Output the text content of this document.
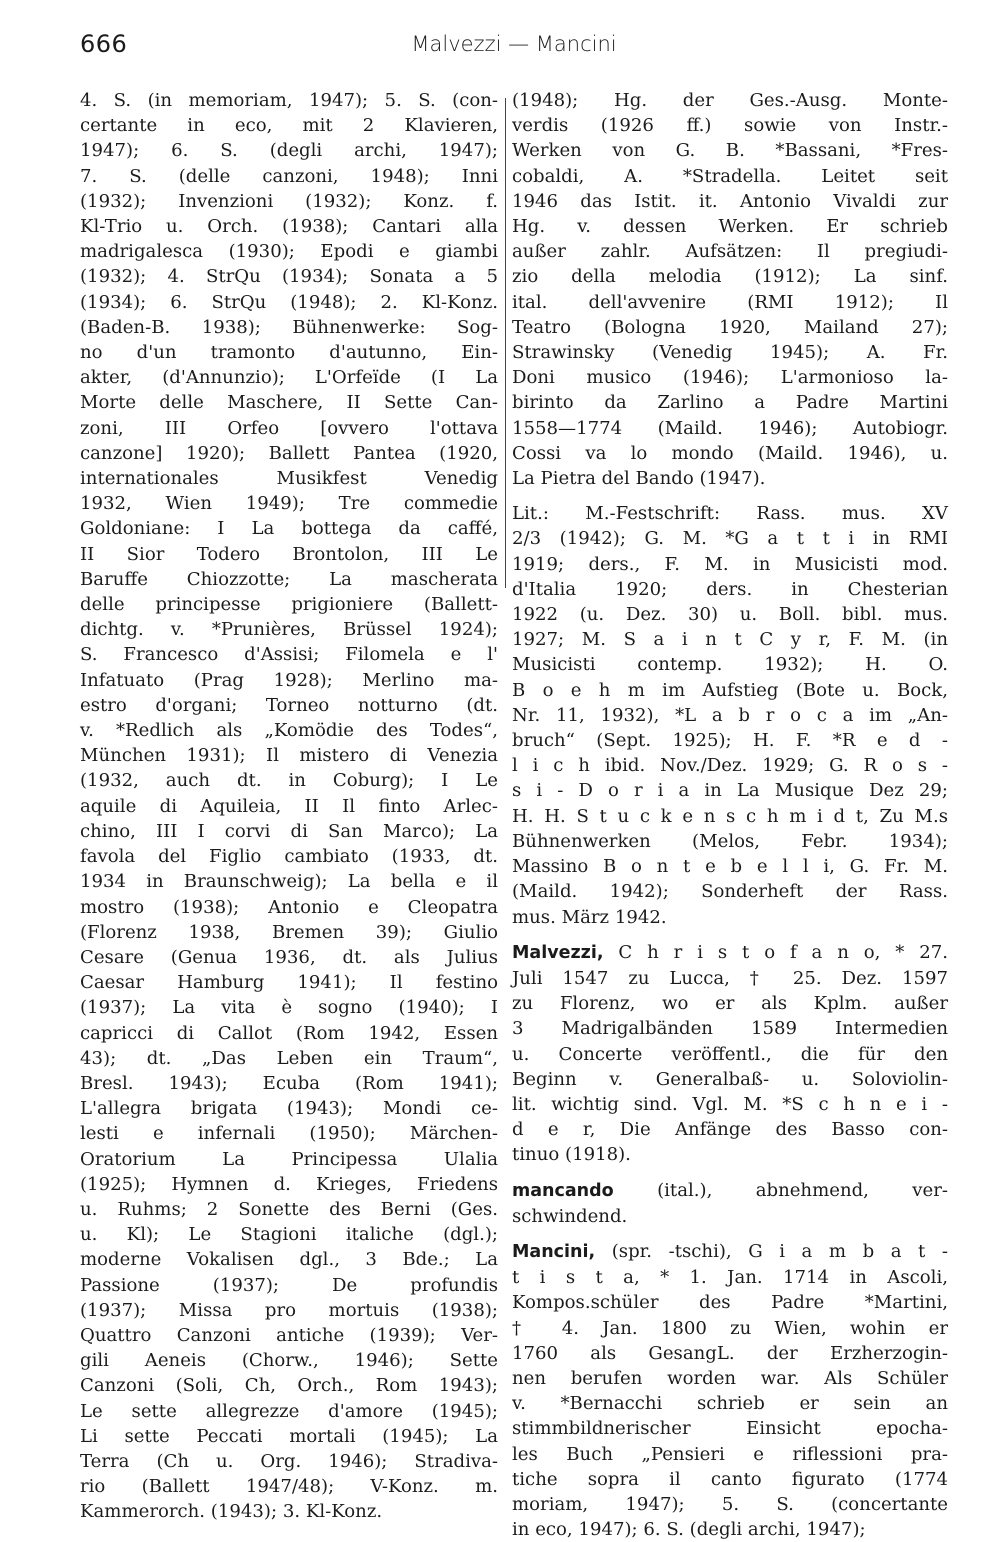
666	Malvezzi — Mancini
4. S. (in memoriam, 1947); 5. S. (con-
certante in eco, mit 2 Klavieren,
1947); 6. S. (degli archi, 1947);
7. S. (delle canzoni, 1948); Inni
(1932); Invenzioni (1932); Konz. f.
Kl-Trio u. Orch. (1938); Cantari alla
madrigalesca (1930); Epodi e giambi
(1932); 4. StrQu (1934); Sonata a 5
(1934); 6. StrQu (1948); 2. Kl-Konz.
(Baden-B. 1938); Bühnenwerke: Sog-
no d'un tramonto d'autunno, Ein-
akter, (d'Annunzio); L'Orfeïde (I La
Morte delle Maschere, II Sette Can-
zoni, III Orfeo [ovvero l'ottava
canzone] 1920); Ballett Pantea (1920,
internationales Musikfest Venedig
1932, Wien 1949); Tre commedie
Goldoniane: I La bottega da caffé,
II Sior Todero Brontolon, III Le
Baruffe Chiozzotte; La mascherata
delle principesse prigioniere (Ballett-
dichtg. v. *Prunières, Brüssel 1924);
S. Francesco d'Assisi; Filomela e l'
Infatuato (Prag 1928); Merlino ma-
estro d'organi; Torneo notturno (dt.
v. *Redlich als „Komödie des Todes“,
München 1931); Il mistero di Venezia
(1932, auch dt. in Coburg); I Le
aquile di Aquileia, II Il finto Arlec-
chino, III I corvi di San Marco); La
favola del Figlio cambiato (1933, dt.
1934 in Braunschweig); La bella e il
mostro (1938); Antonio e Cleopatra
(Florenz 1938, Bremen 39); Giulio
Cesare (Genua 1936, dt. als Julius
Caesar Hamburg 1941); Il festino
(1937); La vita è sogno (1940); I
capricci di Callot (Rom 1942, Essen
43); dt. „Das Leben ein Traum“,
Bresl. 1943); Ecuba (Rom 1941);
L'allegra brigata (1943); Mondi ce-
lesti e infernali (1950); Märchen-
Oratorium La Principessa Ulalia
(1925); Hymnen d. Krieges, Friedens
u. Ruhms; 2 Sonette des Berni (Ges.
u. Kl); Le Stagioni italiche (dgl.);
moderne Vokalisen dgl., 3 Bde.; La
Passione (1937); De profundis
(1937); Missa pro mortuis (1938);
Quattro Canzoni antiche (1939); Ver-
gili Aeneis (Chorw., 1946); Sette
Canzoni (Soli, Ch, Orch., Rom 1943);
Le sette allegrezze d'amore (1945);
Li sette Peccati mortali (1945); La
Terra (Ch u. Org. 1946); Stradiva-
rio (Ballett 1947/48); V-Konz. m.
Kammerorch. (1943); 3. Kl-Konz.
(1948); Hg. der Ges.-Ausg. Monte-
verdis (1926 ff.) sowie von Instr.-
Werken von G. B. *Bassani, *Fres-
cobaldi, A. *Stradella. Leitet seit
1946 das Istit. it. Antonio Vivaldi zur
Hg. v. dessen Werken. Er schrieb
außer zahlr. Aufsätzen: Il pregiudi-
zio della melodia (1912); La sinf.
ital. dell'avvenire (RMI 1912); Il
Teatro (Bologna 1920, Mailand 27);
Strawinsky (Venedig 1945); A. Fr.
Doni musico (1946); L'armonioso la-
birinto da Zarlino a Padre Martini
1558—1774 (Maild. 1946); Autobiogr.
Cossi va lo mondo (Maild. 1946), u.
La Pietra del Bando (1947).
Lit.: M.-Festschrift: Rass. mus. XV
2/3 (1942); G. M. *G a t t i in RMI
1919; ders., F. M. in Musicisti mod.
d'Italia 1920; ders. in Chesterian
1922 (u. Dez. 30) u. Boll. bibl. mus.
1927; M. S a i n t C y r, F. M. (in
Musicisti contemp. 1932); H. O.
B o e h m im Aufstieg (Bote u. Bock,
Nr. 11, 1932), *L a b r o c a im „An-
bruch“ (Sept. 1925); H. F. *R e d -
l i c h ibid. Nov./Dez. 1929; G. R o s -
s i - D o r i a in La Musique Dez 29;
H. H. S t u c k e n s c h m i d t, Zu M.s
Bühnenwerken (Melos, Febr. 1934);
Massino B o n t e b e l l i, G. Fr. M.
(Maild. 1942); Sonderheft der Rass.
mus. März 1942.
Malvezzi, C h r i s t o f a n o, * 27.
Juli 1547 zu Lucca, † 25. Dez. 1597
zu Florenz, wo er als Kplm. außer
3 Madrigalbänden 1589 Intermedien
u. Concerte veröffentl., die für den
Beginn v. Generalbaß- u. Soloviolin-
lit. wichtig sind. Vgl. M. *S c h n e i -
d e r, Die Anfänge des Basso con-
tinuo (1918).
mancando (ital.), abnehmend, ver-
schwindend.
Mancini, (spr. -tschi), G i a m b a t -
t i s t a, * 1. Jan. 1714 in Ascoli,
Kompos.schüler des Padre *Martini,
† 4. Jan. 1800 zu Wien, wohin er
1760 als GesangL. der Erzherzogin-
nen berufen worden war. Als Schüler
v. *Bernacchi schrieb er sein an
stimmbildnerischer Einsicht epocha-
les Buch „Pensieri e riflessioni pra-
tiche sopra il canto figurato (1774
moriam, 1947); 5. S. (concertante
in eco, 1947); 6. S. (degli archi, 1947);
